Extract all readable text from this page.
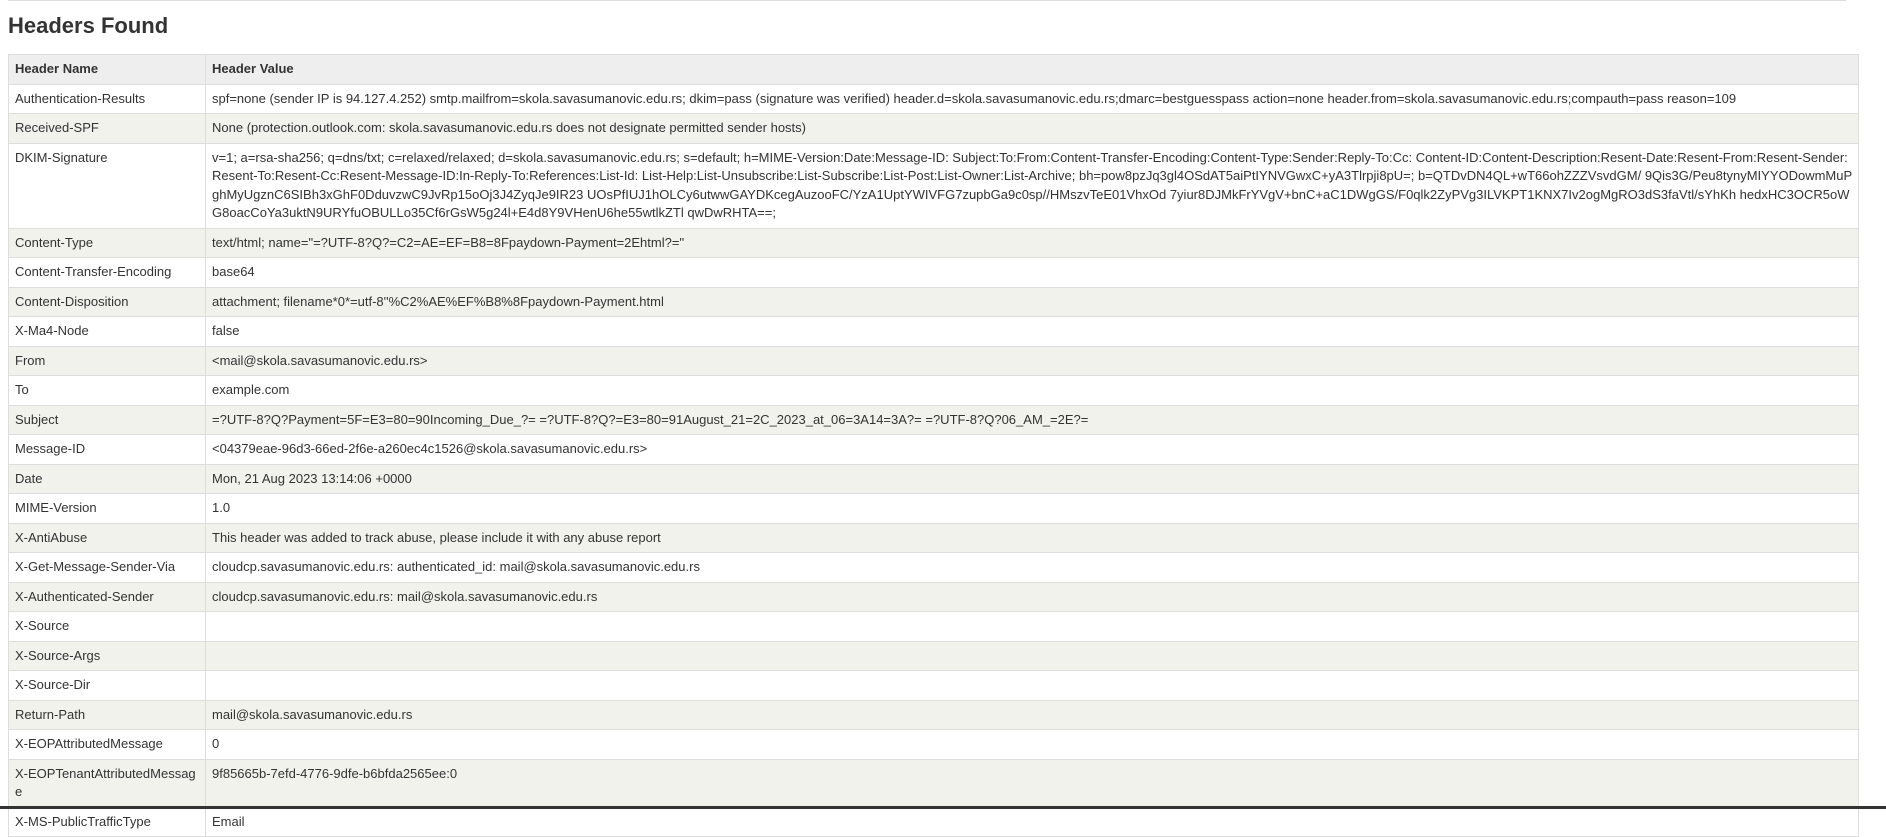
Headers Found
Header Name	Header Value
Authentication-Results	spf=none (sender IP is 94.127.4.252) smtp.mailfrom=skola.savasumanovic.edu.rs; dkim=pass (signature was verified) header.d=skola.savasumanovic.edu.rs;dmarc=bestguesspass action=none header.from=skola.savasumanovic.edu.rs;compauth=pass reason=109
Received-SPF	None (protection.outlook.com: skola.savasumanovic.edu.rs does not designate permitted sender hosts)
DKIM-Signature	v=1; a=rsa-sha256; q=dns/txt; c=relaxed/relaxed; d=skola.savasumanovic.edu.rs; s=default; h=MIME-Version:Date:Message-ID: Subject:To:From:Content-Transfer-Encoding:Content-Type:Sender:Reply-To:Cc: Content-ID:Content-Description:Resent-Date:Resent-From:Resent-Sender: Resent-To:Resent-Cc:Resent-Message-ID:In-Reply-To:References:List-Id: List-Help:List-Unsubscribe:List-Subscribe:List-Post:List-Owner:List-Archive; bh=pow8pzJq3gl4OSdAT5aiPtIYNVGwxC+yA3Tlrpji8pU=; b=QTDvDN4QL+wT66ohZZZVsvdGM/ 9Qis3G/Peu8tynyMIYYODowmMuPghMyUgznC6SIBh3xGhF0DduvzwC9JvRp15oOj3J4ZyqJe9IR23 UOsPfIUJ1hOLCy6utwwGAYDKcegAuzooFC/YzA1UptYWIVFG7zupbGa9c0sp//HMszvTeE01VhxOd 7yiur8DJMkFrYVgV+bnC+aC1DWgGS/F0qlk2ZyPVg3ILVKPT1KNX7Iv2ogMgRO3dS3faVtl/sYhKh hedxHC3OCR5oWG8oacCoYa3uktN9URYfuOBULLo35Cf6rGsW5g24l+E4d8Y9VHenU6he55wtlkZTl qwDwRHTA==;
Content-Type	text/html; name="=?UTF-8?Q?=C2=AE=EF=B8=8Fpaydown-Payment=2Ehtml?="
Content-Transfer-Encoding	base64
Content-Disposition	attachment; filename*0*=utf-8''%C2%AE%EF%B8%8Fpaydown-Payment.html
X-Ma4-Node	false
From	<mail@skola.savasumanovic.edu.rs>
To	example.com
Subject	=?UTF-8?Q?Payment=5F=E3=80=90Incoming_Due_?= =?UTF-8?Q?=E3=80=91August_21=2C_2023_at_06=3A14=3A?= =?UTF-8?Q?06_AM_=2E?=
Message-ID	<04379eae-96d3-66ed-2f6e-a260ec4c1526@skola.savasumanovic.edu.rs>
Date	Mon, 21 Aug 2023 13:14:06 +0000
MIME-Version	1.0
X-AntiAbuse	This header was added to track abuse, please include it with any abuse report
X-Get-Message-Sender-Via	cloudcp.savasumanovic.edu.rs: authenticated_id: mail@skola.savasumanovic.edu.rs
X-Authenticated-Sender	cloudcp.savasumanovic.edu.rs: mail@skola.savasumanovic.edu.rs
X-Source	
X-Source-Args	
X-Source-Dir	
Return-Path	mail@skola.savasumanovic.edu.rs
X-EOPAttributedMessage	0
X-EOPTenantAttributedMessage	9f85665b-7efd-4776-9dfe-b6bfda2565ee:0
X-MS-PublicTrafficType	Email
